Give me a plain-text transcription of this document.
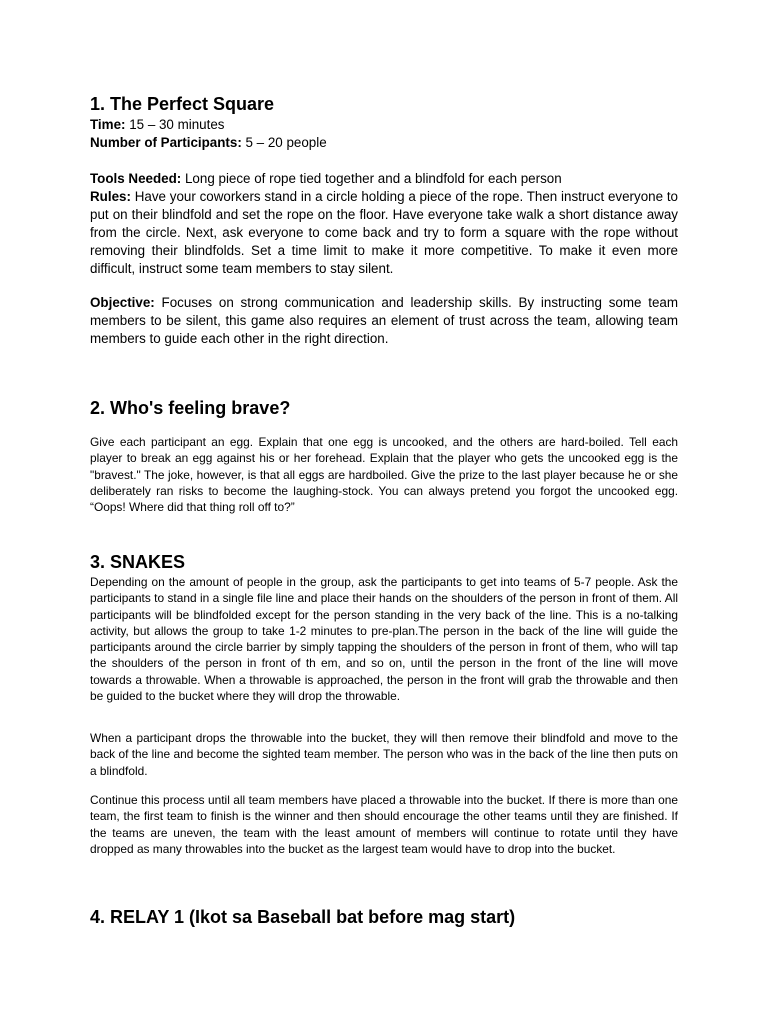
1. The Perfect Square
Time: 15 – 30 minutes
Number of Participants: 5 – 20 people
Tools Needed: Long piece of rope tied together and a blindfold for each person
Rules: Have your coworkers stand in a circle holding a piece of the rope. Then instruct everyone to put on their blindfold and set the rope on the floor. Have everyone take walk a short distance away from the circle. Next, ask everyone to come back and try to form a square with the rope without removing their blindfolds. Set a time limit to make it more competitive. To make it even more difficult, instruct some team members to stay silent.
Objective: Focuses on strong communication and leadership skills. By instructing some team members to be silent, this game also requires an element of trust across the team, allowing team members to guide each other in the right direction.
2. Who's feeling brave?
Give each participant an egg. Explain that one egg is uncooked, and the others are hard-boiled. Tell each player to break an egg against his or her forehead. Explain that the player who gets the uncooked egg is the "bravest." The joke, however, is that all eggs are hardboiled. Give the prize to the last player because he or she deliberately ran risks to become the laughing-stock. You can always pretend you forgot the uncooked egg. “Oops! Where did that thing roll off to?”
3. SNAKES
Depending on the amount of people in the group, ask the participants to get into teams of 5-7 people. Ask the participants to stand in a single file line and place their hands on the shoulders of the person in front of them. All participants will be blindfolded except for the person standing in the very back of the line. This is a no-talking activity, but allows the group to take 1-2 minutes to pre-plan.The person in the back of the line will guide the participants around the circle barrier by simply tapping the shoulders of the person in front of them, who will tap the shoulders of the person in front of th em, and so on, until the person in the front of the line will move towards a throwable. When a throwable is approached, the person in the front will grab the throwable and then be guided to the bucket where they will drop the throwable.
When a participant drops the throwable into the bucket, they will then remove their blindfold and move to the back of the line and become the sighted team member. The person who was in the back of the line then puts on a blindfold.
Continue this process until all team members have placed a throwable into the bucket. If there is more than one team, the first team to finish is the winner and then should encourage the other teams until they are finished. If the teams are uneven, the team with the least amount of members will continue to rotate until they have dropped as many throwables into the bucket as the largest team would have to drop into the bucket.
4. RELAY 1 (Ikot sa Baseball bat before mag start)
